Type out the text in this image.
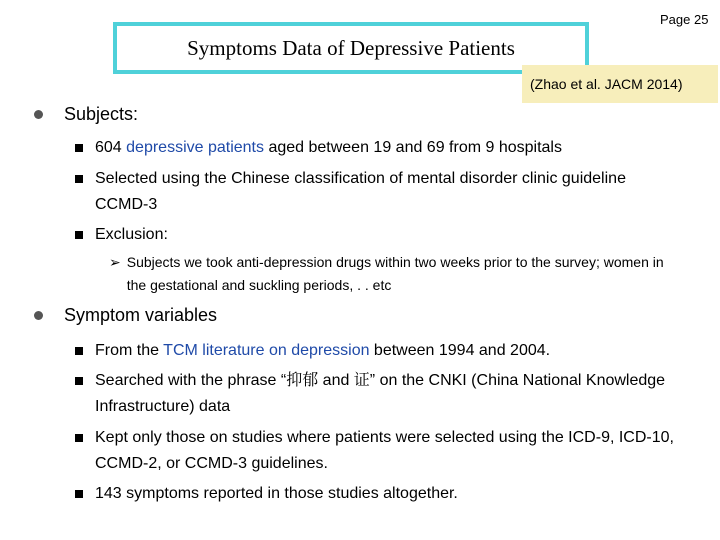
Page 25
Symptoms Data of Depressive Patients
(Zhao et al. JACM 2014)
Subjects:
604 depressive patients aged between 19 and 69 from 9 hospitals
Selected using the Chinese classification of mental disorder clinic guideline CCMD-3
Exclusion:
➢ Subjects we took anti-depression drugs within two weeks prior to the survey; women in the gestational and suckling periods, . . etc
Symptom variables
From the TCM literature on depression between 1994 and 2004.
Searched with the phrase “抑郁 and 证” on the CNKI (China National Knowledge Infrastructure) data
Kept only those on studies where patients were selected using the ICD-9, ICD-10, CCMD-2, or CCMD-3 guidelines.
143 symptoms reported in those studies altogether.
